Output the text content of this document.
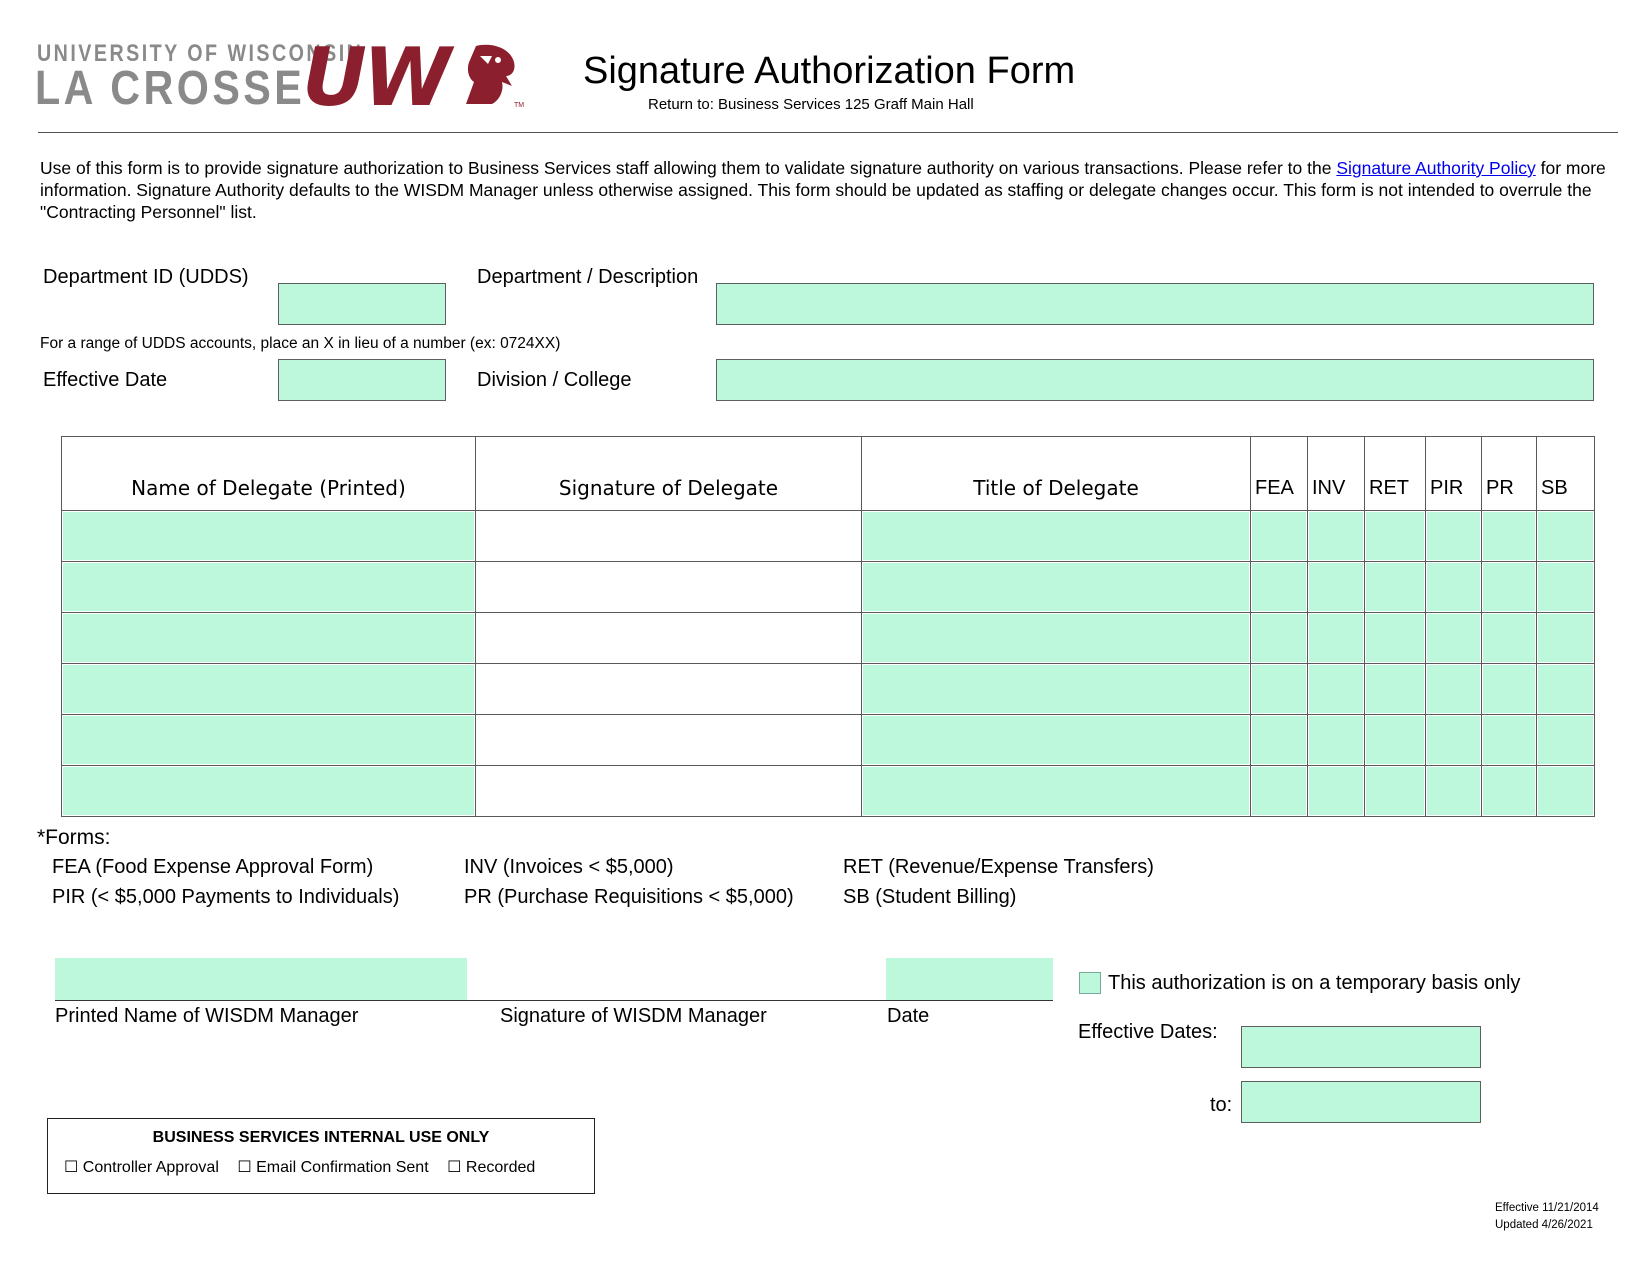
UNIVERSITY OF WISCONSIN
LA CROSSE
UW	TM
Signature Authorization Form
Return to: Business Services 125 Graff Main Hall
Use of this form is to provide signature authorization to Business Services staff allowing them to validate signature authority on various transactions. Please refer to the Signature Authority Policy for more information. Signature Authority defaults to the WISDM Manager unless otherwise assigned. This form should be updated as staffing or delegate changes occur. This form is not intended to overrule the "Contracting Personnel" list.
Department ID (UDDS)	Department / Description
For a range of UDDS accounts, place an X in lieu of a number (ex: 0724XX)
Effective Date	Division / College
Name of Delegate (Printed)	Signature of Delegate	Title of Delegate	FEA	INV	RET	PIR	PR	SB

*Forms:
FEA (Food Expense Approval Form)	INV (Invoices < $5,000)	RET (Revenue/Expense Transfers)
PIR (< $5,000 Payments to Individuals)	PR (Purchase Requisitions < $5,000) SB (Student Billing)
Printed Name of WISDM Manager	Signature of WISDM Manager	Date
This authorization is on a temporary basis only
Effective Dates:
to:
BUSINESS SERVICES INTERNAL USE ONLY
☐ Controller Approval ☐ Email Confirmation Sent ☐ Recorded
Effective 11/21/2014
Updated 4/26/2021
